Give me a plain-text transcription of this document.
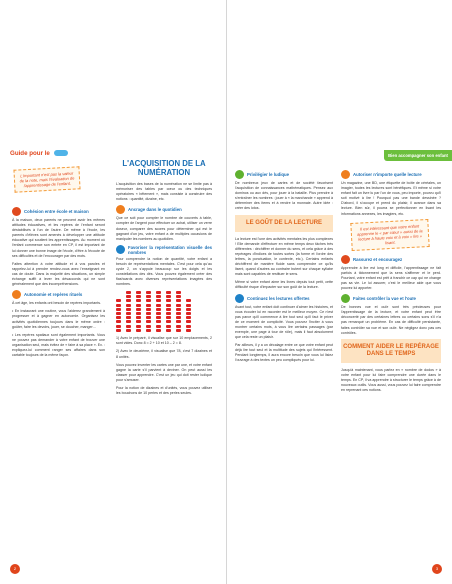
Guide pour le
L'important n'est pas la valeur de la note, mais l'évaluation de l'apprentissage de l'enfant.
Cohésion entre école et maison

À la maison, deux parents ne peuvent avoir les mêmes attitudes éducatives, et les repères de l'enfant seront déstabilisés à l'un de l'autre. De même à l'école, les parents d'élèves sont amenés à développer une attitude éducative qui soutient les apprentissages. Au moment où l'enfant commence son entrée en CP, il est important de lui donner une bonne image de l'école, d'être à l'écoute de ses difficultés et de l'encourager par des mots.

Faites attention à votre attitude et à vos paroles et rappelez-lui à prendre rendez-vous avec l'enseignant en cas de doute. Dans la majorité des situations, un simple échange suffit à lever les désaccords qui ne sont généralement que des incompréhensions.

Autonomie et repères rituels

À cet âge, les enfants ont besoin de repères importants.

• En instaurant une routine, vous l'aiderez grandement à progresser et à gagner en autonomie. Organisez les activités quotidiennes toujours dans le même ordre : goûter, faire les devoirs, jouer, se doucher, manger…

• Les repères spatiaux sont également importants. Vous ne pouvez pas demander à votre enfant de trouver une organisation seul, mais évitez de « faire à sa place ». Ex. : expliquez-lui comment ranger ses affaires dans son cartable toujours de la même façon.

L'ACQUISITION DE LA NUMÉRATION

L'acquisition des bases de la numération ne se limite pas à mémoriser des tables par cœur ou des techniques opératoires « bêtement », mais consiste à construire des notions : quantité, dizaine, etc.

Ancrage dans le quotidien

Que ce soit pour compter le nombre de couverts à table, compter de l'argent pour effectuer un achat, utiliser un verre doseur, comparer des scores pour déterminer qui est le gagnant d'un jeu, votre enfant a de multiples occasions de manipuler les nombres au quotidien.

Favoriser la représentation visuelle des nombres

Pour comprendre la notion de quantité, votre enfant a besoin de représentations mentales. C'est pour cela qu'au cycle 2, on s'appuie beaucoup sur les doigts et les constellations des dés. Vous pouvez également créer des flashcards avec diverses représentations imagées des nombres.

1) Avec le préparé, il visualise que sur 10 emplacements, 2 sont vides. Donc 8 = 2 + 10 et 10 – 2 = 8.

2) Avec le deuxième, il visualise que 78, c'est 7 dizaines et 8 unités.

Vous pouvez inventer les cartes une par une, et votre enfant gagne la carte s'il parvient à deviner. On peut aussi les classer pour apprendre. C'est un jeu qui doit rester ludique pour s'amuser.

Pour la notion de dizaines et d'unités, vous pouvez utiliser les bouchons de 10 perles et des perles seules.

2
Bien accompagner son enfant
Privilégier le ludique

De nombreux jeux de cartes et de société favorisent l'acquisition de connaissances mathématiques. Pensez aux dominos ou aux dés, pour jouer à la bataille. Plus prendre à s'entraîner les nombres : jouer à « la marchande » apprend à déterminer des items et à rendre la monnaie. Autre idée : créer des lotos.

LE GOÛT DE LA LECTURE

La lecture est l'une des activités mentales les plus complexes ! Elle demande d'effectuer en même temps deux tâches très différentes : déchiffrer et donner du sens, et cela grâce à des repérages d'indices de toutes sortes (la forme et l'ordre des lettres, la ponctuation, le contexte, etc.). Certains enfants déchiffrent de manière fluide sans comprendre ce qu'ils lisent, quand d'autres au contraire butent sur chaque syllabe mais sont capables de restituer le sens.

Même si votre enfant aime les livres depuis tout petit, cette difficulté risque d'impacter sur son goût de la lecture.

Continuez les lectures offertes

Avant tout, votre enfant doit continuer d'aimer les histoires, et vous écouter lui en raconter est le meilleur moyen. Ce n'est pas parce qu'il commence à lire tout seul qu'il faut le priver de ce moment de complicité. Vous pouvez l'inciter à vous montrer certains mots, à vous lire certains passages (par exemple, une page à tour de rôle), mais il faut absolument que cela reste un plaisir.

Par ailleurs, il y a un décalage entre ce que votre enfant peut déjà lire tout seul et la multitude des sujets qui l'intéressent. Pendant longtemps, il aura encore besoin que vous lui lisiez l'ouvrage à des textes un peu compliqués pour lui.

Autoriser n'importe quelle lecture

Un magazine, une BD, une étiquette de boîte de céréales, un imagier, toutes les lectures sont bénéfiques. Et même si votre enfant fait un livre lu par l'un de vous, peu importe, pourvu qu'il soit motivé à lire ! Pourquoi pas une bande dessinée ? D'abord, il s'occupe et prend du plaisir, il avance dans sa lecture. Bien sûr, il pourra se perfectionner en lisant les informations annexes, les imagiers, etc.

Il est intéressant que votre enfant apprenne le « par cœur » aussi de la lecture à haute voix et à voix « lire » lisant.
Rassurez et encouragez

Apprendre à lire est long et difficile, l'apprentissage ne fait parfois à tâtonnement que la sens s'affirmer et le perd. Pourtant, votre enfant est prêt à franchir ce cap qui ne change pas sa vie. Le lui assurer, c'est le meilleur aide que vous pouvez lui apporter.

Faites contrôler la vue et l'ouïe

De bonnes vue et ouïe sont très précieuses pour l'apprentissage de la lecture, et votre enfant peut être déconcerté par des certaines lettres ou certains sons s'il n'a pas remarqué un problème. En cas de difficulté persistante, faites contrôler sa vue et son ouïe. Ne négligez donc pas ces contrôles.

COMMENT AIDER LE REPÉRAGE DANS LE TEMPS

Jusqu'à maintenant, vous parlez en « nombre de dodos » à votre enfant pour lui faire comprendre une durée dans le temps. En CP, il va apprendre à structurer le temps grâce à de nouveaux outils. Vous aussi, vous pouvez lui faire comprendre en reprenant ces notions.

3
